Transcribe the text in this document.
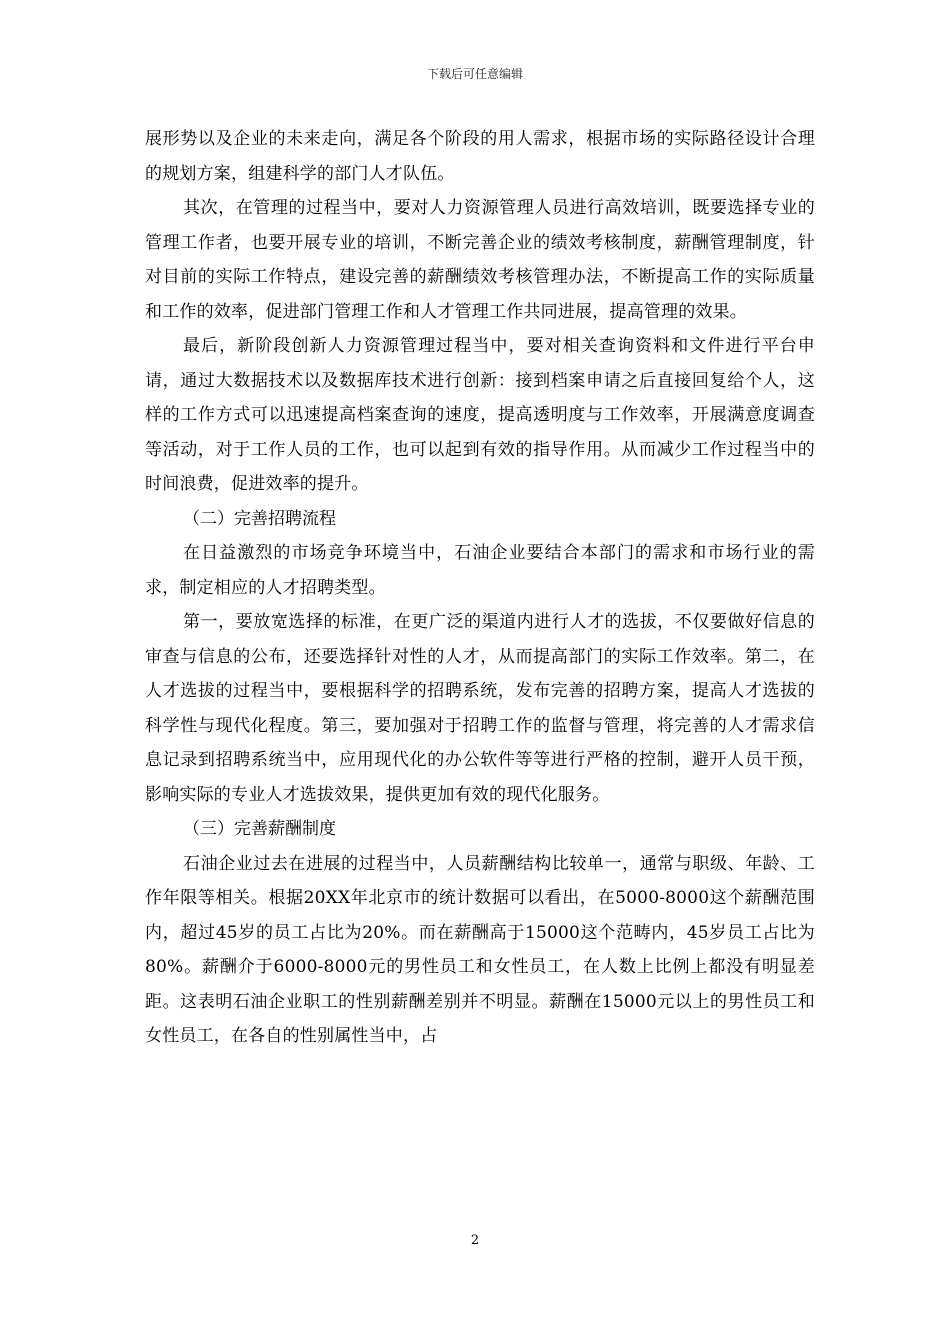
下载后可任意编辑

展形势以及企业的未来走向，满足各个阶段的用人需求，根据市场的实际路径设计合理的规划方案，组建科学的部门人才队伍。

其次，在管理的过程当中，要对人力资源管理人员进行高效培训，既要选择专业的管理工作者，也要开展专业的培训，不断完善企业的绩效考核制度，薪酬管理制度，针对目前的实际工作特点，建设完善的薪酬绩效考核管理办法，不断提高工作的实际质量和工作的效率，促进部门管理工作和人才管理工作共同进展，提高管理的效果。

最后，新阶段创新人力资源管理过程当中，要对相关查询资料和文件进行平台申请，通过大数据技术以及数据库技术进行创新：接到档案申请之后直接回复给个人，这样的工作方式可以迅速提高档案查询的速度，提高透明度与工作效率，开展满意度调查等活动，对于工作人员的工作，也可以起到有效的指导作用。从而减少工作过程当中的时间浪费，促进效率的提升。

（二）完善招聘流程

在日益激烈的市场竞争环境当中，石油企业要结合本部门的需求和市场行业的需求，制定相应的人才招聘类型。

第一，要放宽选择的标准，在更广泛的渠道内进行人才的选拔，不仅要做好信息的审查与信息的公布，还要选择针对性的人才，从而提高部门的实际工作效率。第二，在人才选拔的过程当中，要根据科学的招聘系统，发布完善的招聘方案，提高人才选拔的科学性与现代化程度。第三，要加强对于招聘工作的监督与管理，将完善的人才需求信息记录到招聘系统当中，应用现代化的办公软件等等进行严格的控制，避开人员干预，影响实际的专业人才选拔效果，提供更加有效的现代化服务。

（三）完善薪酬制度

石油企业过去在进展的过程当中，人员薪酬结构比较单一，通常与职级、年龄、工作年限等相关。根据20XX年北京市的统计数据可以看出，在5000-8000这个薪酬范围内，超过45岁的员工占比为20%。而在薪酬高于15000这个范畴内，45岁员工占比为80%。薪酬介于6000-8000元的男性员工和女性员工，在人数上比例上都没有明显差距。这表明石油企业职工的性别薪酬差别并不明显。薪酬在15000元以上的男性员工和女性员工，在各自的性别属性当中，占

2
